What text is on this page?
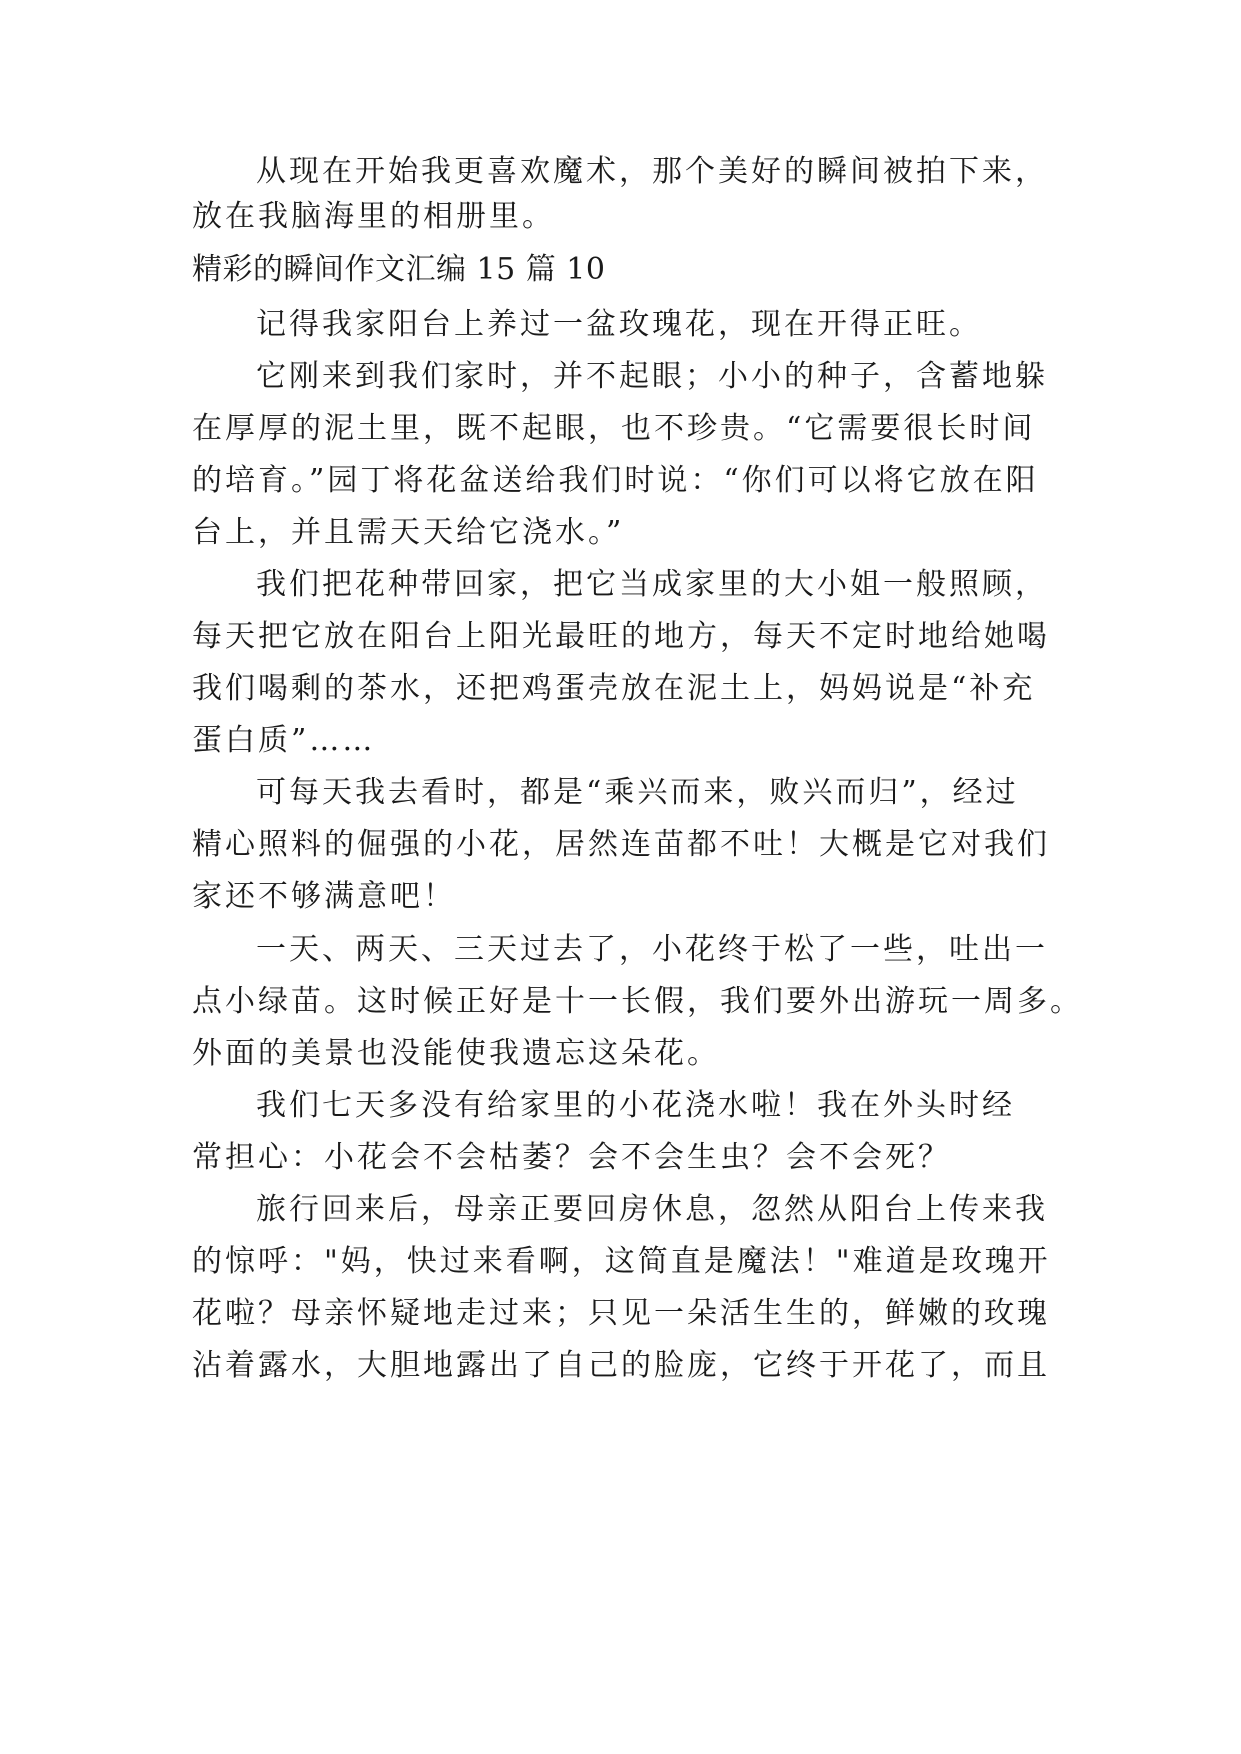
从现在开始我更喜欢魔术，那个美好的瞬间被拍下来，
放在我脑海里的相册里。
精彩的瞬间作文汇编 15 篇 10
记得我家阳台上养过一盆玫瑰花，现在开得正旺。
它刚来到我们家时，并不起眼；小小的种子，含蓄地躲
在厚厚的泥土里，既不起眼，也不珍贵。“它需要很长时间
的培育。”园丁将花盆送给我们时说：“你们可以将它放在阳
台上，并且需天天给它浇水。”
我们把花种带回家，把它当成家里的大小姐一般照顾，
每天把它放在阳台上阳光最旺的地方，每天不定时地给她喝
我们喝剩的茶水，还把鸡蛋壳放在泥土上，妈妈说是“补充
蛋白质”……
可每天我去看时，都是“乘兴而来，败兴而归”，经过
精心照料的倔强的小花，居然连苗都不吐！大概是它对我们
家还不够满意吧！
一天、两天、三天过去了，小花终于松了一些，吐出一
点小绿苗。这时候正好是十一长假，我们要外出游玩一周多。
外面的美景也没能使我遗忘这朵花。
我们七天多没有给家里的小花浇水啦！我在外头时经
常担心：小花会不会枯萎？会不会生虫？会不会死？
旅行回来后，母亲正要回房休息，忽然从阳台上传来我
的惊呼："妈，快过来看啊，这简直是魔法！"难道是玫瑰开
花啦？母亲怀疑地走过来；只见一朵活生生的，鲜嫩的玫瑰
沾着露水，大胆地露出了自己的脸庞，它终于开花了，而且
